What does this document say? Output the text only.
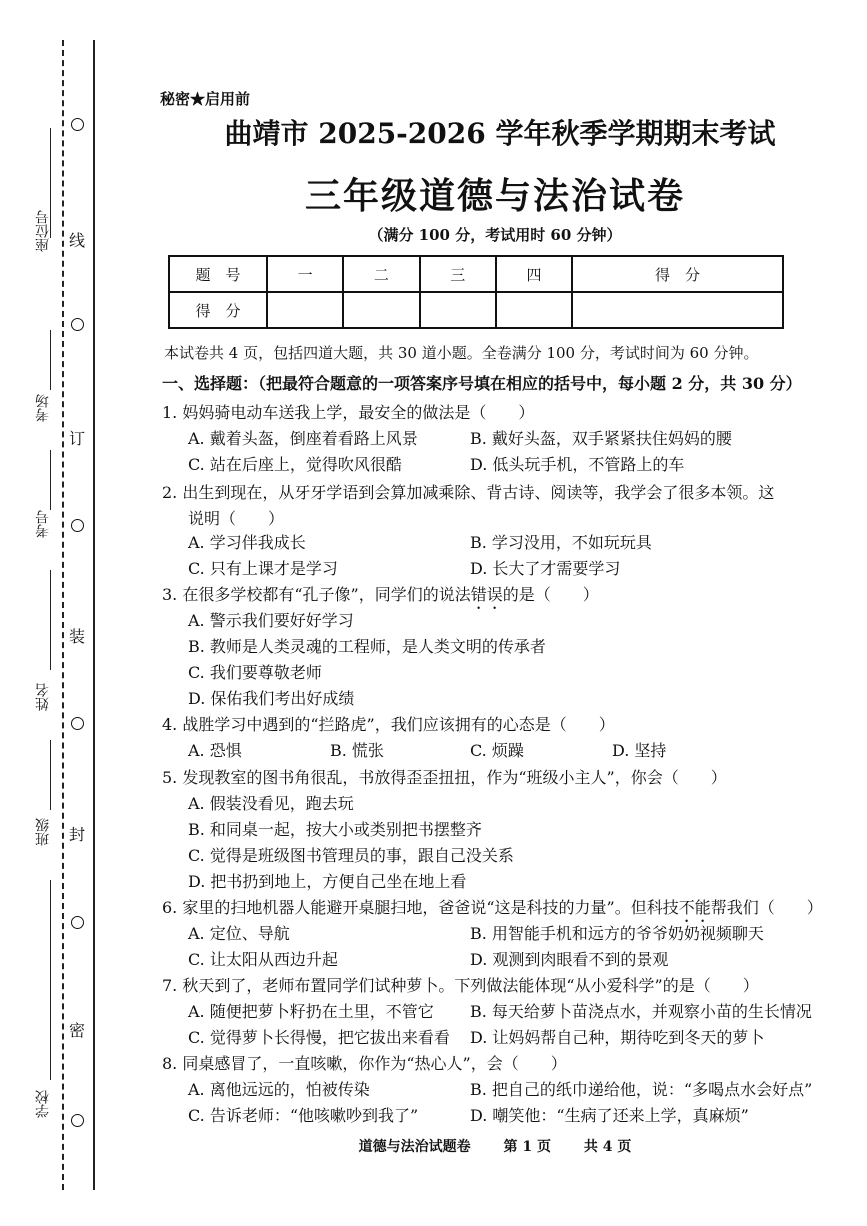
线
订
装
封
密
座位号
考场
考号
姓名
班级
学校
秘密★启用前
曲靖市 2025-2026 学年秋季学期期末考试
三年级道德与法治试卷
（满分 100 分，考试用时 60 分钟）
题　号	一	二	三	四	得　分
得　分					
本试卷共 4 页，包括四道大题，共 30 道小题。全卷满分 100 分，考试时间为 60 分钟。
一、选择题：（把最符合题意的一项答案序号填在相应的括号中，每小题 2 分，共 30 分）
1. 妈妈骑电动车送我上学，最安全的做法是（　　）
A. 戴着头盔，倒座着看路上风景	B. 戴好头盔，双手紧紧扶住妈妈的腰
C. 站在后座上，觉得吹风很酷	D. 低头玩手机，不管路上的车
2. 出生到现在，从牙牙学语到会算加减乘除、背古诗、阅读等，我学会了很多本领。这
说明（　　）
A. 学习伴我成长	B. 学习没用，不如玩玩具
C. 只有上课才是学习	D. 长大了才需要学习
3. 在很多学校都有“孔子像”，同学们的说法错误的是（　　）
A. 警示我们要好好学习
B. 教师是人类灵魂的工程师，是人类文明的传承者
C. 我们要尊敬老师
D. 保佑我们考出好成绩
4. 战胜学习中遇到的“拦路虎”，我们应该拥有的心态是（　　）
A. 恐惧	B. 慌张	C. 烦躁	D. 坚持
5. 发现教室的图书角很乱，书放得歪歪扭扭，作为“班级小主人”，你会（　　）
A. 假装没看见，跑去玩
B. 和同桌一起，按大小或类别把书摆整齐
C. 觉得是班级图书管理员的事，跟自己没关系
D. 把书扔到地上，方便自己坐在地上看
6. 家里的扫地机器人能避开桌腿扫地，爸爸说“这是科技的力量”。但科技不能帮我们（　　）
A. 定位、导航	B. 用智能手机和远方的爷爷奶奶视频聊天
C. 让太阳从西边升起	D. 观测到肉眼看不到的景观
7. 秋天到了，老师布置同学们试种萝卜。下列做法能体现“从小爱科学”的是（　　）
A. 随便把萝卜籽扔在土里，不管它 B. 每天给萝卜苗浇点水，并观察小苗的生长情况
C. 觉得萝卜长得慢，把它拔出来看看 D. 让妈妈帮自己种，期待吃到冬天的萝卜
8. 同桌感冒了，一直咳嗽，你作为“热心人”，会（　　）
A. 离他远远的，怕被传染	B. 把自己的纸巾递给他，说：“多喝点水会好点”
C. 告诉老师：“他咳嗽吵到我了”	D. 嘲笑他：“生病了还来上学，真麻烦”
道德与法治试题卷 第 1 页 共 4 页
